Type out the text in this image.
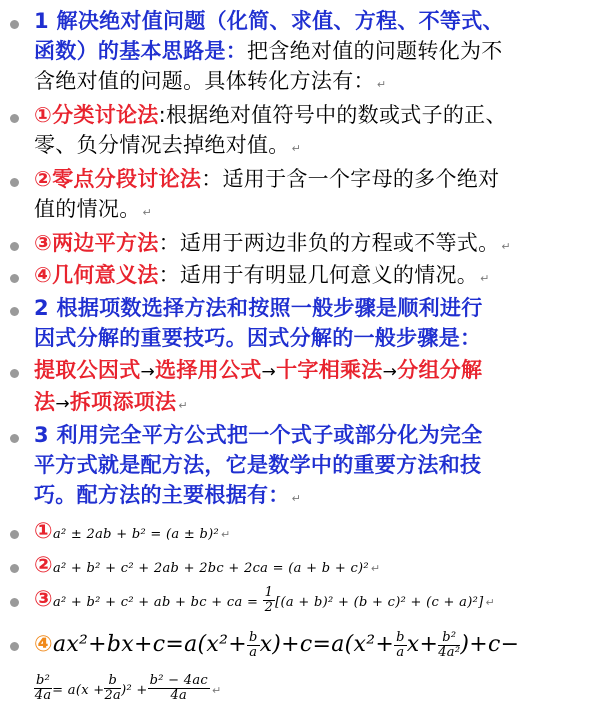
1 解决绝对值问题（化简、求值、方程、不等式、
函数）的基本思路是：把含绝对值的问题转化为不
含绝对值的问题。具体转化方法有： ↵
①分类讨论法:根据绝对值符号中的数或式子的正、
零、负分情况去掉绝对值。 ↵
②零点分段讨论法：适用于含一个字母的多个绝对
值的情况。 ↵
③两边平方法：适用于两边非负的方程或不等式。 ↵
④几何意义法：适用于有明显几何意义的情况。 ↵
2 根据项数选择方法和按照一般步骤是顺利进行
因式分解的重要技巧。因式分解的一般步骤是：
提取公因式→选择用公式→十字相乘法→分组分解
法→拆项添项法 ↵
3 利用完全平方公式把一个式子或部分化为完全
平方式就是配方法，它是数学中的重要方法和技
巧。配方法的主要根据有： ↵
①a² ± 2ab + b² = (a ± b)² ↵
②a² + b² + c² + 2ab + 2bc + 2ca = (a + b + c)² ↵
③a² + b² + c² + ab + bc + ca = $\frac{1}{2} [(a + b)^2 + (b + c)^2 + (c + a)^2]$ ↵
④ax²+bx+c=a(x²+ $\frac{b}{a} x)+c=a(x^2+ \frac{b}{a} x+ \frac{\text{b²}}{\text{4a²}} )+c-$
$\frac{\text{b²}}{4a} = a(x + \frac{b}{2a} )^2 + \frac{\text{b² − 4ac}}{4a}$ ↵
